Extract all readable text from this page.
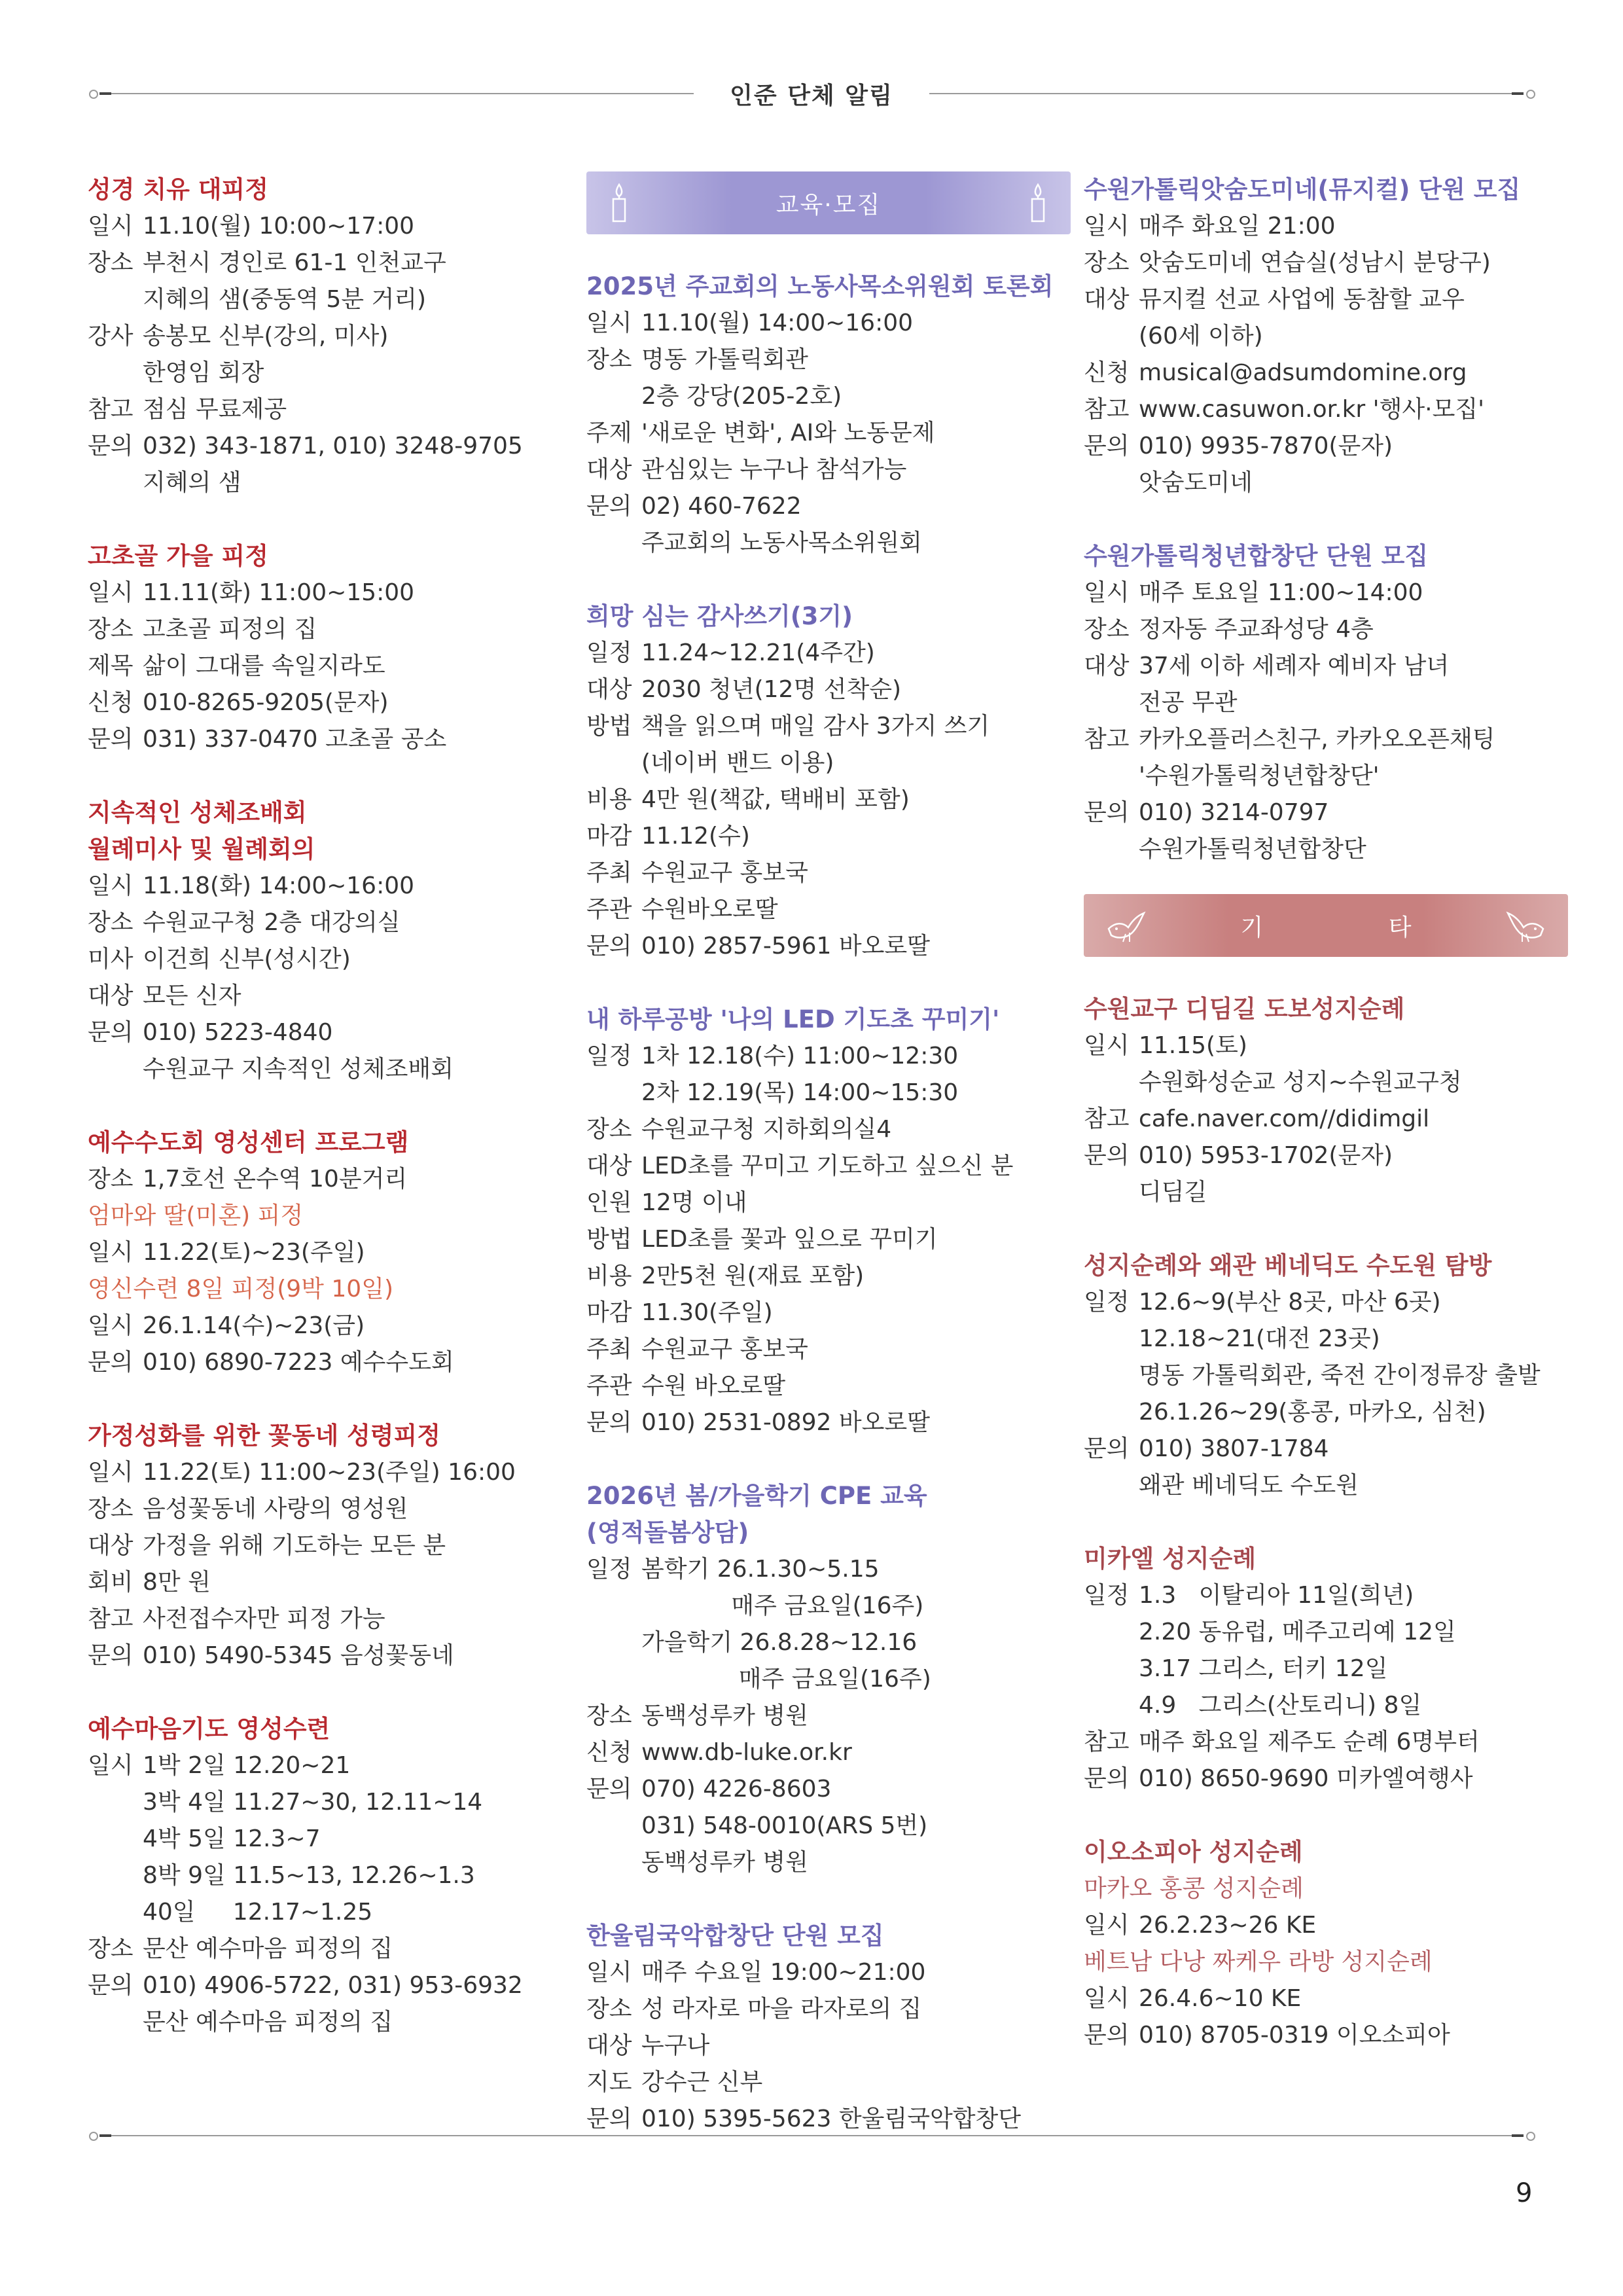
인준 단체 알림
성경 치유 대피정
일시 11.10(월) 10:00~17:00
장소 부천시 경인로 61-1 인천교구
지혜의 샘(중동역 5분 거리)
강사 송봉모 신부(강의, 미사)
한영임 회장
참고 점심 무료제공
문의 032) 343-1871, 010) 3248-9705
지혜의 샘
고초골 가을 피정
일시 11.11(화) 11:00~15:00
장소 고초골 피정의 집
제목 삶이 그대를 속일지라도
신청 010-8265-9205(문자)
문의 031) 337-0470 고초골 공소
지속적인 성체조배회
월례미사 및 월례회의
일시 11.18(화) 14:00~16:00
장소 수원교구청 2층 대강의실
미사 이건희 신부(성시간)
대상 모든 신자
문의 010) 5223-4840
수원교구 지속적인 성체조배회
예수수도회 영성센터 프로그램
장소 1,7호선 온수역 10분거리
엄마와 딸(미혼) 피정
일시 11.22(토)~23(주일)
영신수련 8일 피정(9박 10일)
일시 26.1.14(수)~23(금)
문의 010) 6890-7223 예수수도회
가정성화를 위한 꽃동네 성령피정
일시 11.22(토) 11:00~23(주일) 16:00
장소 음성꽃동네 사랑의 영성원
대상 가정을 위해 기도하는 모든 분
회비 8만 원
참고 사전접수자만 피정 가능
문의 010) 5490-5345 음성꽃동네
예수마음기도 영성수련
일시 1박 2일 12.20~21
3박 4일 11.27~30, 12.11~14
4박 5일 12.3~7
8박 9일 11.5~13, 12.26~1.3
40일     12.17~1.25
장소 문산 예수마음 피정의 집
문의 010) 4906-5722, 031) 953-6932
문산 예수마음 피정의 집
교육·모집
2025년 주교회의 노동사목소위원회 토론회
일시 11.10(월) 14:00~16:00
장소 명동 가톨릭회관
2층 강당(205-2호)
주제 '새로운 변화', AI와 노동문제
대상 관심있는 누구나 참석가능
문의 02) 460-7622
주교회의 노동사목소위원회
희망 심는 감사쓰기(3기)
일정 11.24~12.21(4주간)
대상 2030 청년(12명 선착순)
방법 책을 읽으며 매일 감사 3가지 쓰기
(네이버 밴드 이용)
비용 4만 원(책값, 택배비 포함)
마감 11.12(수)
주최 수원교구 홍보국
주관 수원바오로딸
문의 010) 2857-5961 바오로딸
내 하루공방 '나의 LED 기도초 꾸미기'
일정 1차 12.18(수) 11:00~12:30
2차 12.19(목) 14:00~15:30
장소 수원교구청 지하회의실4
대상 LED초를 꾸미고 기도하고 싶으신 분
인원 12명 이내
방법 LED초를 꽃과 잎으로 꾸미기
비용 2만5천 원(재료 포함)
마감 11.30(주일)
주최 수원교구 홍보국
주관 수원 바오로딸
문의 010) 2531-0892 바오로딸
2026년 봄/가을학기 CPE 교육
(영적돌봄상담)
일정 봄학기 26.1.30~5.15
매주 금요일(16주)
가을학기 26.8.28~12.16
매주 금요일(16주)
장소 동백성루카 병원
신청 www.db-luke.or.kr
문의 070) 4226-8603
031) 548-0010(ARS 5번)
동백성루카 병원
한울림국악합창단 단원 모집
일시 매주 수요일 19:00~21:00
장소 성 라자로 마을 라자로의 집
대상 누구나
지도 강수근 신부
문의 010) 5395-5623 한울림국악합창단
수원가톨릭앗숨도미네(뮤지컬) 단원 모집
일시 매주 화요일 21:00
장소 앗숨도미네 연습실(성남시 분당구)
대상 뮤지컬 선교 사업에 동참할 교우
(60세 이하)
신청 musical@adsumdomine.org
참고 www.casuwon.or.kr '행사·모집'
문의 010) 9935-7870(문자)
앗숨도미네
수원가톨릭청년합창단 단원 모집
일시 매주 토요일 11:00~14:00
장소 정자동 주교좌성당 4층
대상 37세 이하 세례자 예비자 남녀
전공 무관
참고 카카오플러스친구, 카카오오픈채팅
'수원가톨릭청년합창단'
문의 010) 3214-0797
수원가톨릭청년합창단
기 타
수원교구 디딤길 도보성지순례
일시 11.15(토)
수원화성순교 성지~수원교구청
참고 cafe.naver.com//didimgil
문의 010) 5953-1702(문자)
디딤길
성지순례와 왜관 베네딕도 수도원 탐방
일정 12.6~9(부산 8곳, 마산 6곳)
12.18~21(대전 23곳)
명동 가톨릭회관, 죽전 간이정류장 출발
26.1.26~29(홍콩, 마카오, 심천)
문의 010) 3807-1784
왜관 베네딕도 수도원
미카엘 성지순례
일정 1.3   이탈리아 11일(희년)
2.20 동유럽, 메주고리예 12일
3.17 그리스, 터키 12일
4.9   그리스(산토리니) 8일
참고 매주 화요일 제주도 순례 6명부터
문의 010) 8650-9690 미카엘여행사
이오소피아 성지순례
마카오 홍콩 성지순례
일시 26.2.23~26 KE
베트남 다낭 짜케우 라방 성지순례
일시 26.4.6~10 KE
문의 010) 8705-0319 이오소피아
9
